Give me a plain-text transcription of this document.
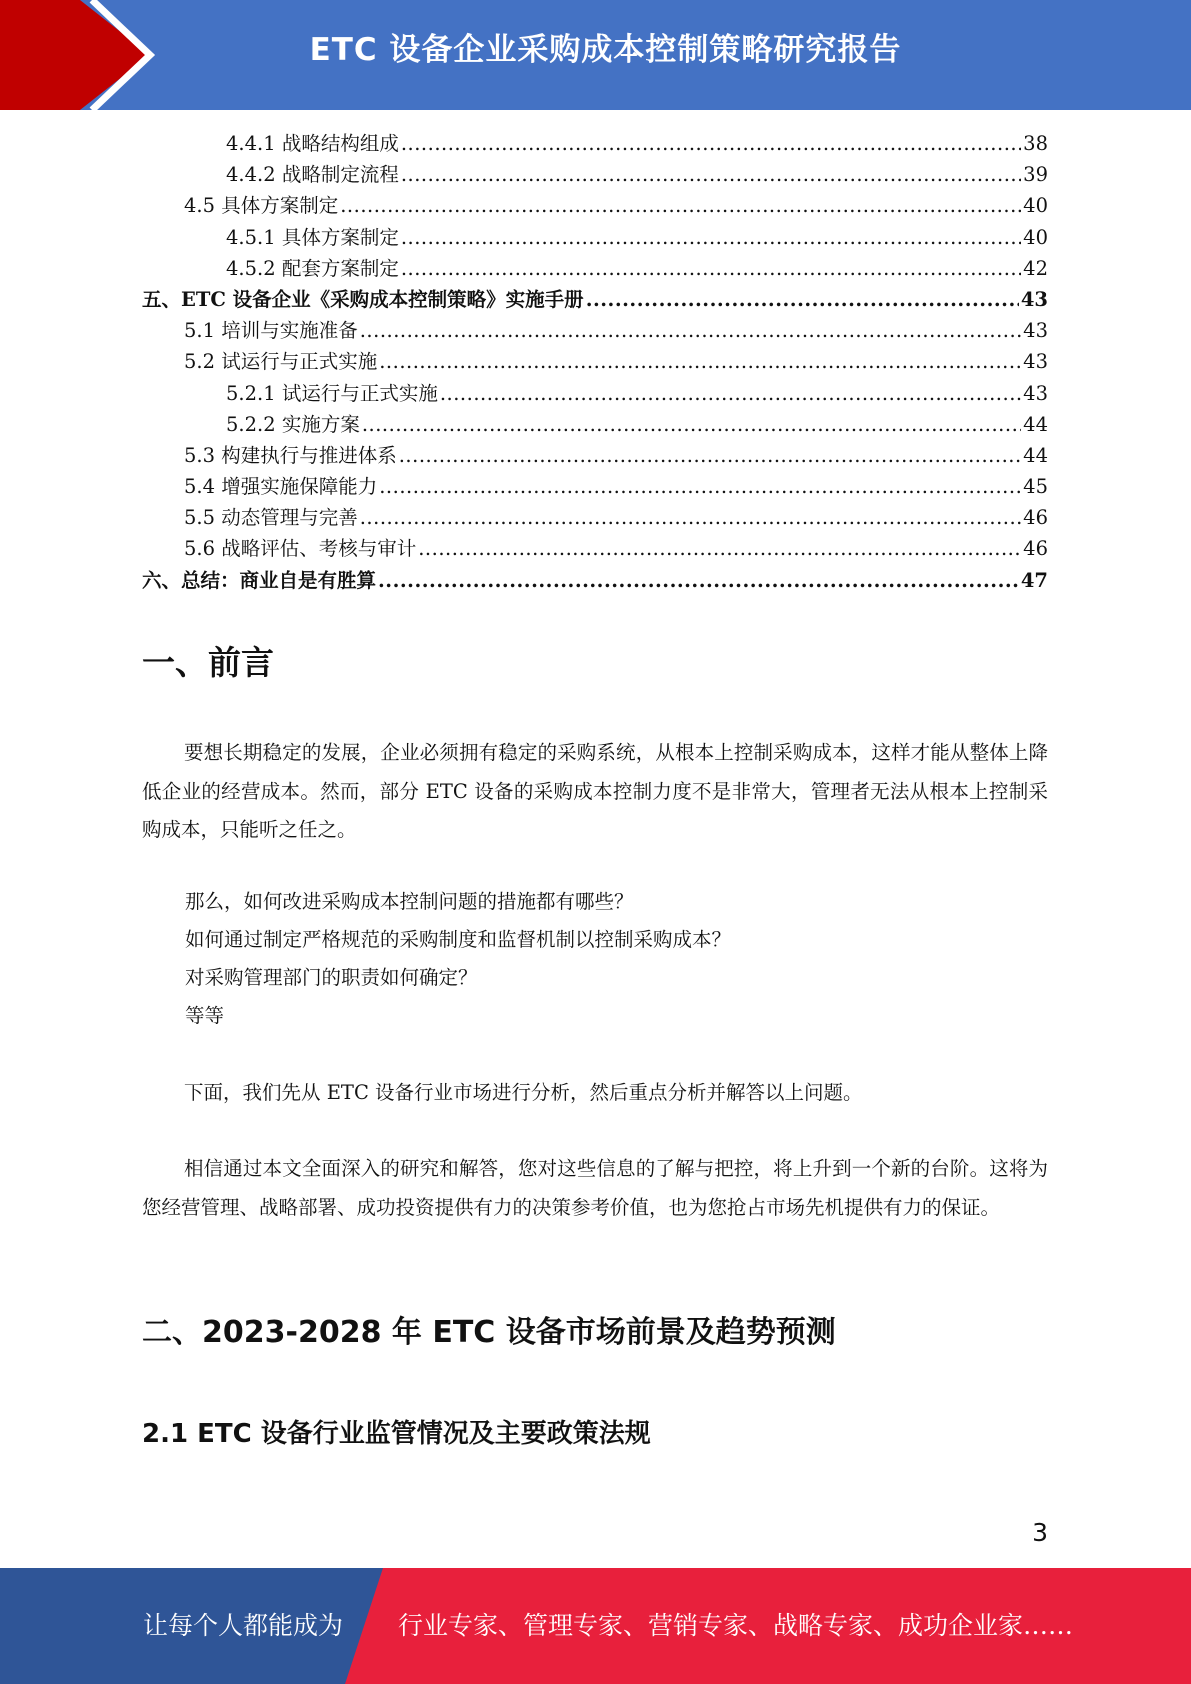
ETC 设备企业采购成本控制策略研究报告
4.4.1 战略结构组成 .....	38
4.4.2 战略制定流程 .....	39
4.5 具体方案制定 .....	40
4.5.1 具体方案制定 .....	40
4.5.2 配套方案制定 .....	42
五、ETC 设备企业《采购成本控制策略》实施手册 .....	43
5.1 培训与实施准备 .....	43
5.2 试运行与正式实施 .....	43
5.2.1 试运行与正式实施 .....	43
5.2.2 实施方案 .....	44
5.3 构建执行与推进体系 .....	44
5.4 增强实施保障能力 .....	45
5.5 动态管理与完善 .....	46
5.6 战略评估、考核与审计 .....	46
六、总结：商业自是有胜算 .....	47
一、前言

要想长期稳定的发展，企业必须拥有稳定的采购系统，从根本上控制采购成本，这样才能从整体上降低企业的经营成本。然而，部分 ETC 设备的采购成本控制力度不是非常大，管理者无法从根本上控制采购成本，只能听之任之。

那么，如何改进采购成本控制问题的措施都有哪些？
如何通过制定严格规范的采购制度和监督机制以控制采购成本？
对采购管理部门的职责如何确定？
等等

下面，我们先从 ETC 设备行业市场进行分析，然后重点分析并解答以上问题。

相信通过本文全面深入的研究和解答，您对这些信息的了解与把控，将上升到一个新的台阶。这将为您经营管理、战略部署、成功投资提供有力的决策参考价值，也为您抢占市场先机提供有力的保证。

二、2023-2028 年 ETC 设备市场前景及趋势预测
2.1 ETC 设备行业监管情况及主要政策法规
3
让每个人都能成为 行业专家、管理专家、营销专家、战略专家、成功企业家……
